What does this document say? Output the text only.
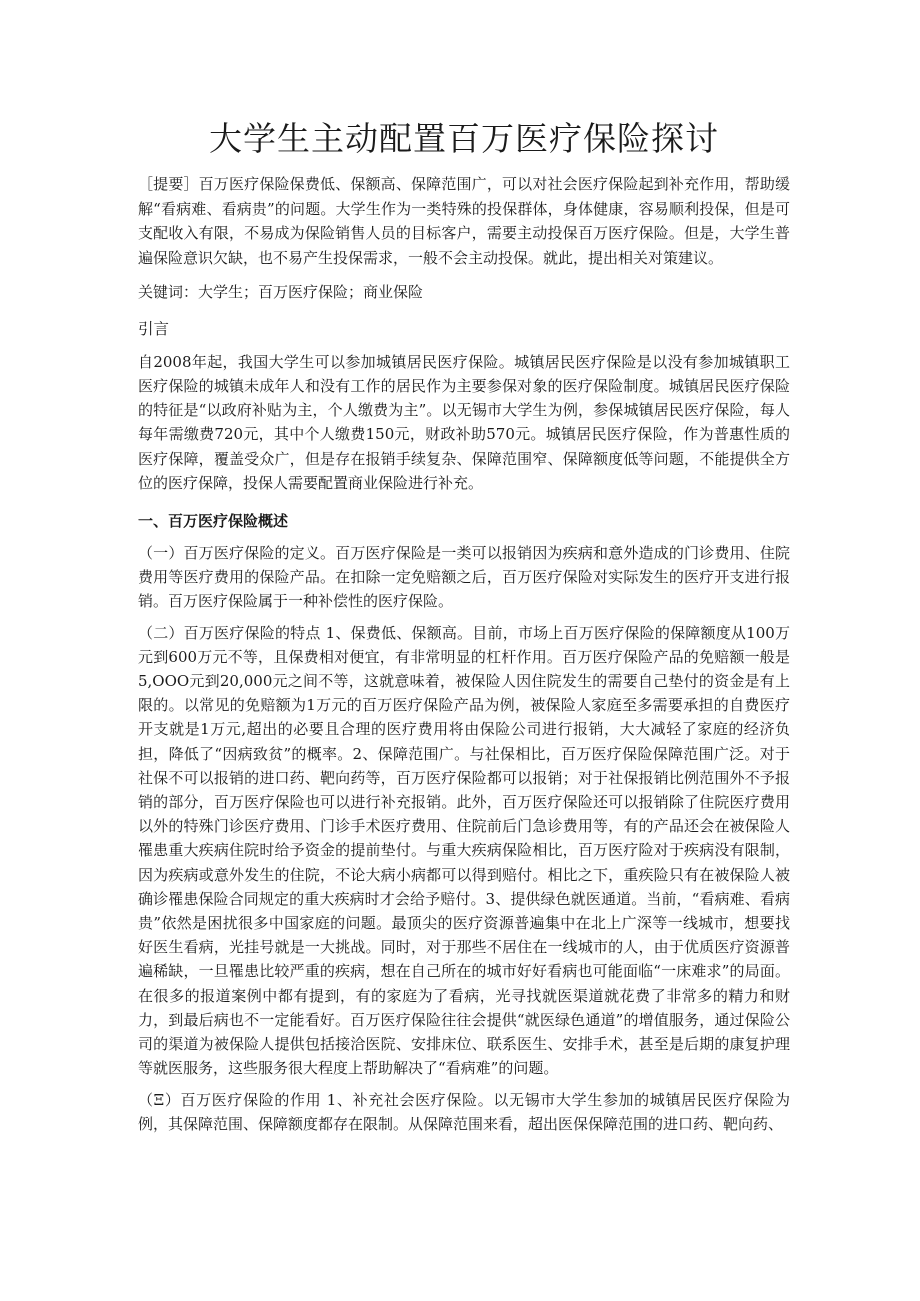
大学生主动配置百万医疗保险探讨

［提要］百万医疗保险保费低、保额高、保障范围广，可以对社会医疗保险起到补充作用，帮助缓解“看病难、看病贵”的问题。大学生作为一类特殊的投保群体，身体健康，容易顺利投保，但是可支配收入有限，不易成为保险销售人员的目标客户，需要主动投保百万医疗保险。但是，大学生普遍保险意识欠缺，也不易产生投保需求，一般不会主动投保。就此，提出相关对策建议。

关键词：大学生；百万医疗保险；商业保险
引言

自2008年起，我国大学生可以参加城镇居民医疗保险。城镇居民医疗保险是以没有参加城镇职工医疗保险的城镇未成年人和没有工作的居民作为主要参保对象的医疗保险制度。城镇居民医疗保险的特征是“以政府补贴为主，个人缴费为主”。以无锡市大学生为例，参保城镇居民医疗保险，每人每年需缴费720元，其中个人缴费150元，财政补助570元。城镇居民医疗保险，作为普惠性质的医疗保障，覆盖受众广，但是存在报销手续复杂、保障范围窄、保障额度低等问题，不能提供全方位的医疗保障，投保人需要配置商业保险进行补充。

一、百万医疗保险概述

（一）百万医疗保险的定义。百万医疗保险是一类可以报销因为疾病和意外造成的门诊费用、住院费用等医疗费用的保险产品。在扣除一定免赔额之后，百万医疗保险对实际发生的医疗开支进行报销。百万医疗保险属于一种补偿性的医疗保险。

（二）百万医疗保险的特点 1、保费低、保额高。目前，市场上百万医疗保险的保障额度从100万元到600万元不等，且保费相对便宜，有非常明显的杠杆作用。百万医疗保险产品的免赔额一般是5,OOO元到20,000元之间不等，这就意味着，被保险人因住院发生的需要自己垫付的资金是有上限的。以常见的免赔额为1万元的百万医疗保险产品为例，被保险人家庭至多需要承担的自费医疗开支就是1万元,超出的必要且合理的医疗费用将由保险公司进行报销，大大减轻了家庭的经济负担，降低了“因病致贫”的概率。2、保障范围广。与社保相比，百万医疗保险保障范围广泛。对于社保不可以报销的进口药、靶向药等，百万医疗保险都可以报销；对于社保报销比例范围外不予报销的部分，百万医疗保险也可以进行补充报销。此外，百万医疗保险还可以报销除了住院医疗费用以外的特殊门诊医疗费用、门诊手术医疗费用、住院前后门急诊费用等，有的产品还会在被保险人罹患重大疾病住院时给予资金的提前垫付。与重大疾病保险相比，百万医疗险对于疾病没有限制，因为疾病或意外发生的住院，不论大病小病都可以得到赔付。相比之下，重疾险只有在被保险人被确诊罹患保险合同规定的重大疾病时才会给予赔付。3、提供绿色就医通道。当前，“看病难、看病贵”依然是困扰很多中国家庭的问题。最顶尖的医疗资源普遍集中在北上广深等一线城市，想要找好医生看病，光挂号就是一大挑战。同时，对于那些不居住在一线城市的人，由于优质医疗资源普遍稀缺，一旦罹患比较严重的疾病，想在自己所在的城市好好看病也可能面临“一床难求”的局面。在很多的报道案例中都有提到，有的家庭为了看病，光寻找就医渠道就花费了非常多的精力和财力，到最后病也不一定能看好。百万医疗保险往往会提供“就医绿色通道”的增值服务，通过保险公司的渠道为被保险人提供包括接洽医院、安排床位、联系医生、安排手术，甚至是后期的康复护理等就医服务，这些服务很大程度上帮助解决了“看病难”的问题。

（Ξ）百万医疗保险的作用 1、补充社会医疗保险。以无锡市大学生参加的城镇居民医疗保险为例，其保障范围、保障额度都存在限制。从保障范围来看，超出医保保障范围的进口药、靶向药、
